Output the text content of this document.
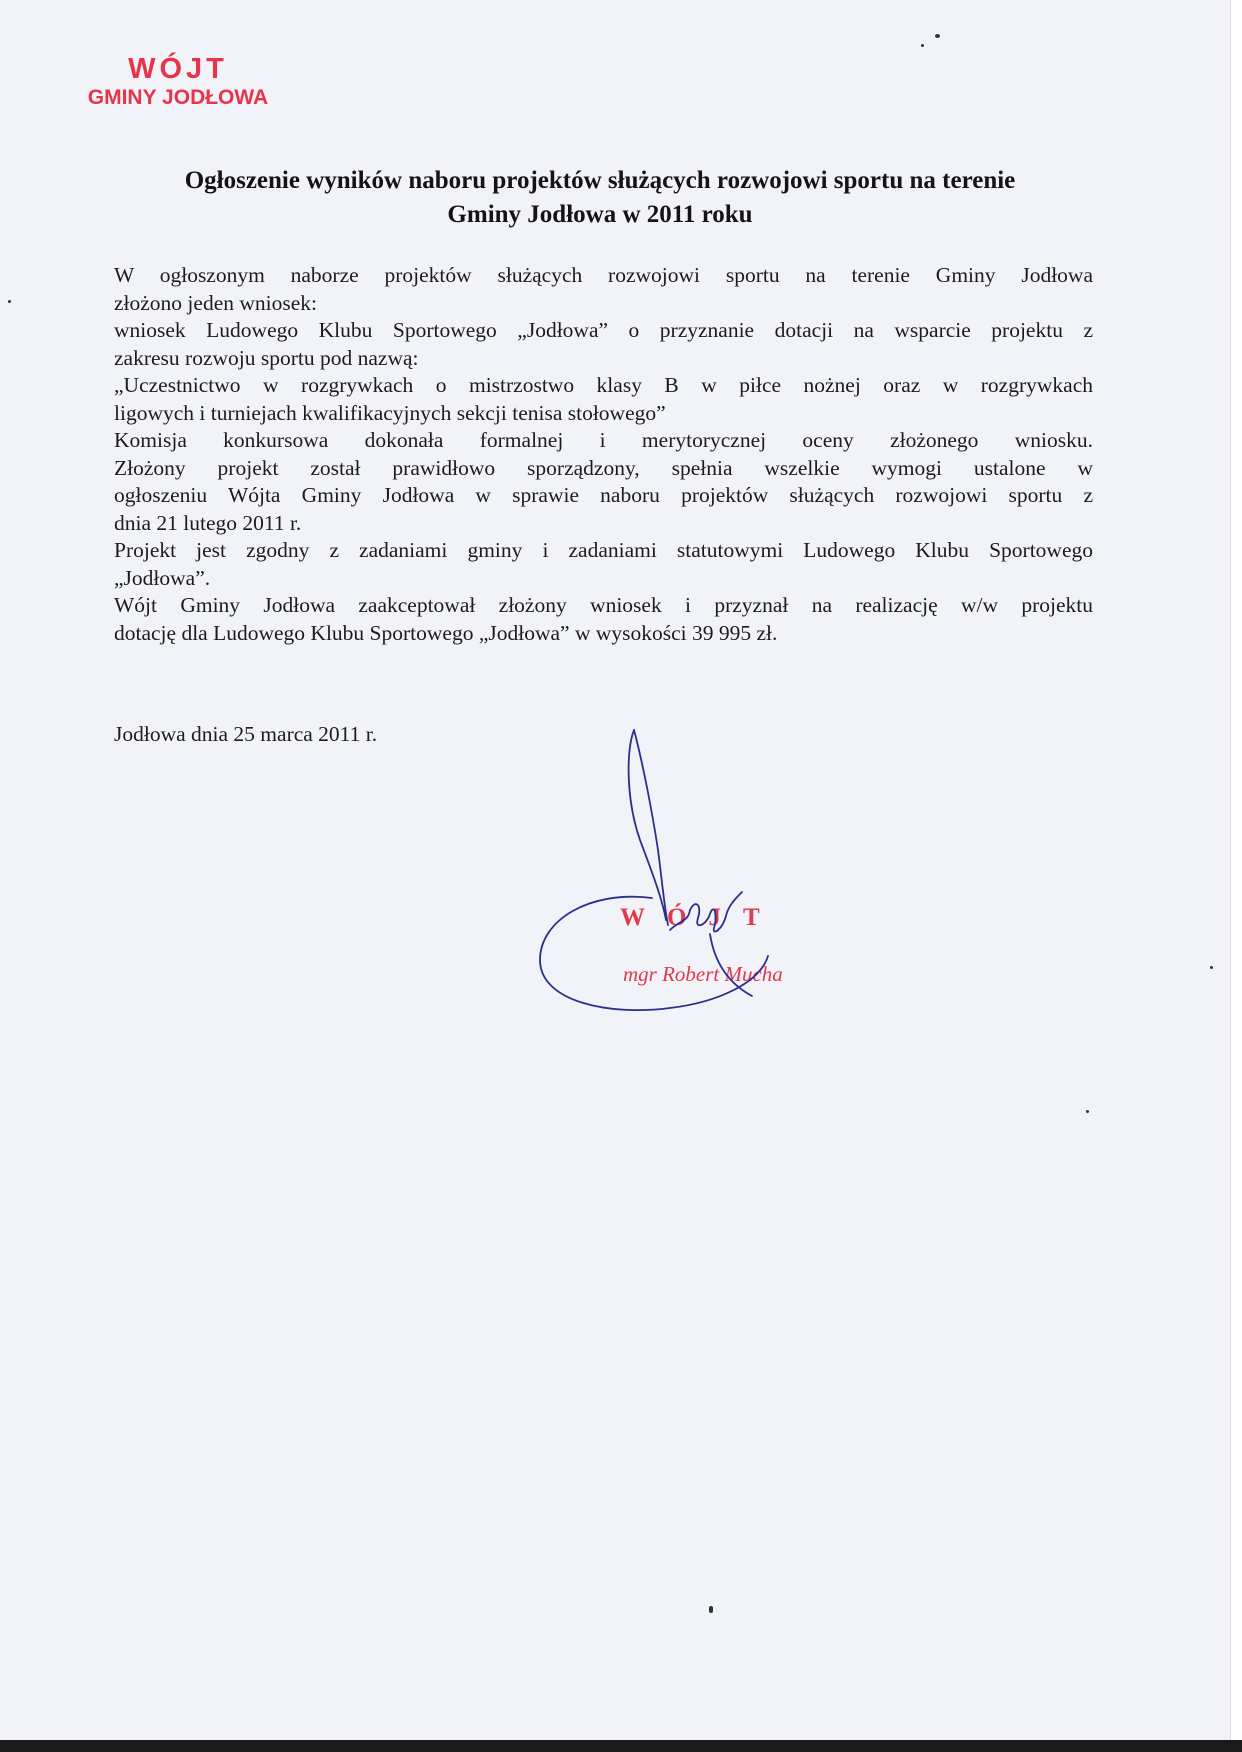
WÓJT
GMINY JODŁOWA
Ogłoszenie wyników naboru projektów służących rozwojowi sportu na terenie
Gminy Jodłowa w 2011 roku
W ogłoszonym naborze projektów służących rozwojowi sportu na terenie Gminy Jodłowa
złożono jeden wniosek:
wniosek Ludowego Klubu Sportowego „Jodłowa” o przyznanie dotacji na wsparcie projektu z
zakresu rozwoju sportu pod nazwą:
„Uczestnictwo w rozgrywkach o mistrzostwo klasy B w piłce nożnej oraz w rozgrywkach
ligowych i turniejach kwalifikacyjnych sekcji tenisa stołowego”
Komisja konkursowa dokonała formalnej i merytorycznej oceny złożonego wniosku.
Złożony projekt został prawidłowo sporządzony, spełnia wszelkie wymogi ustalone w
ogłoszeniu Wójta Gminy Jodłowa w sprawie naboru projektów służących rozwojowi sportu z
dnia 21 lutego 2011 r.
Projekt jest zgodny z zadaniami gminy i zadaniami statutowymi Ludowego Klubu Sportowego
„Jodłowa”.
Wójt Gminy Jodłowa zaakceptował złożony wniosek i przyznał na realizację w/w projektu
dotację dla Ludowego Klubu Sportowego „Jodłowa” w wysokości 39 995 zł.
Jodłowa dnia 25 marca 2011 r.
WÓJT
mgr Robert Mucha
